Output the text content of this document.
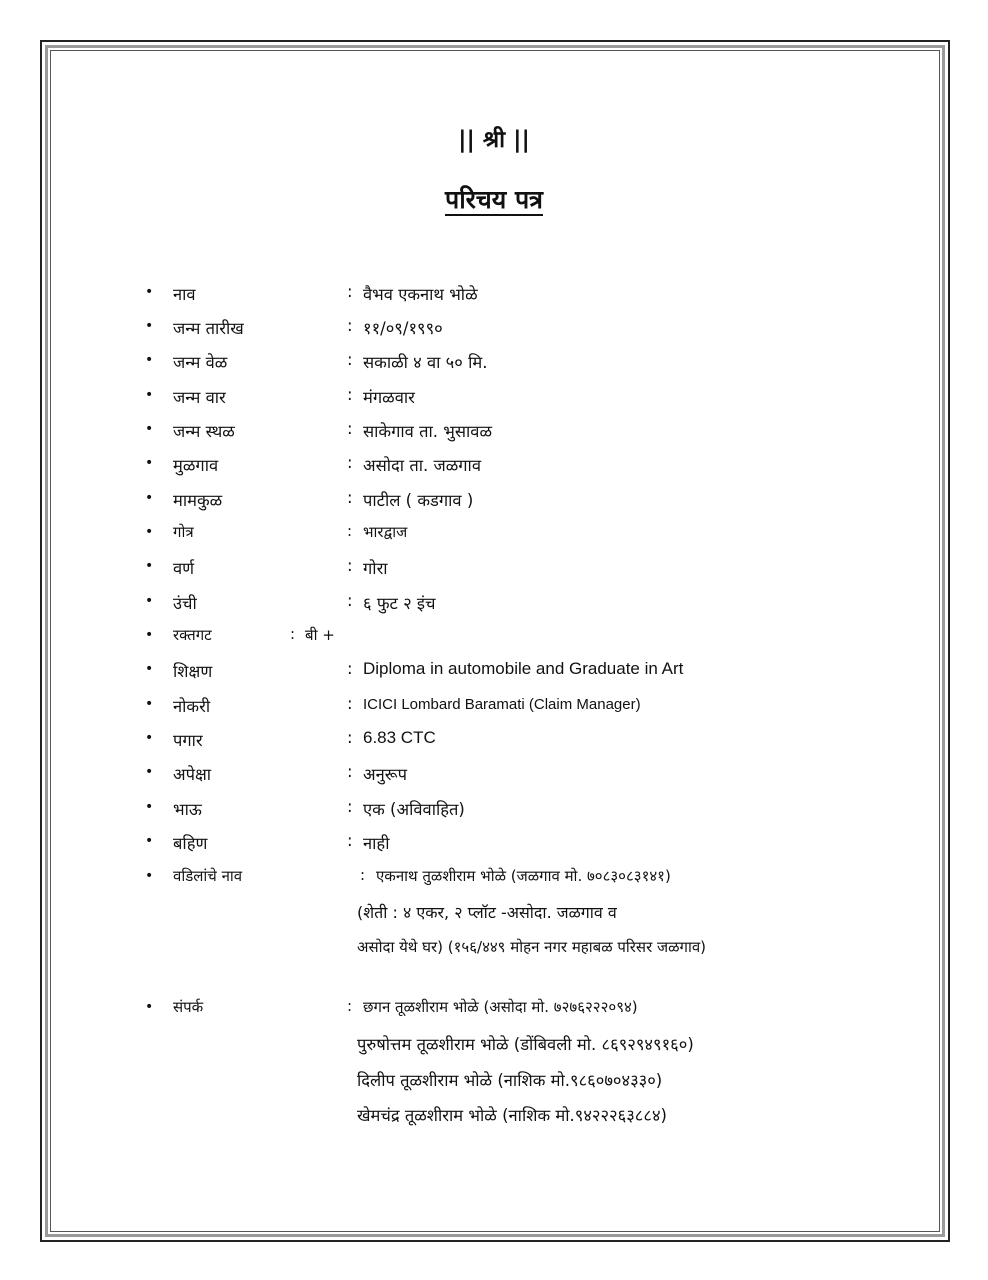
|| श्री ||
परिचय पत्र
• नाव	: वैभव एकनाथ भोळे
• जन्म तारीख	: ११/०९/१९९०
• जन्म वेळ	: सकाळी ४ वा ५० मि.
• जन्म वार	: मंगळवार
• जन्म स्थळ	: साकेगाव ता. भुसावळ
• मुळगाव	: असोदा ता. जळगाव
• मामकुळ	: पाटील ( कडगाव )
• गोत्र	: भारद्वाज
• वर्ण	: गोरा
• उंची	: ६ फुट २ इंच
• रक्तगट	: बी +
• शिक्षण	: Diploma in automobile and Graduate in Art
• नोकरी	: ICICI Lombard Baramati (Claim Manager)
• पगार	: 6.83 CTC
• अपेक्षा	: अनुरूप
• भाऊ	: एक (अविवाहित)
• बहिण	: नाही
• वडिलांचे नाव	: एकनाथ तुळशीराम भोळे (जळगाव मो. ७०८३०८३१४१)
(शेती : ४ एकर, २ प्लॉट -असोदा. जळगाव व
असोदा येथे घर) (१५६/४४९ मोहन नगर महाबळ परिसर जळगाव)
• संपर्क	: छगन तूळशीराम भोळे (असोदा मो. ७२७६२२२०९४)
पुरुषोत्तम तूळशीराम भोळे (डोंबिवली मो. ८६९२९४९१६०)
दिलीप तूळशीराम भोळे (नाशिक मो.९८६०७०४३३०)
खेमचंद्र तूळशीराम भोळे (नाशिक मो.९४२२२६३८८४)
